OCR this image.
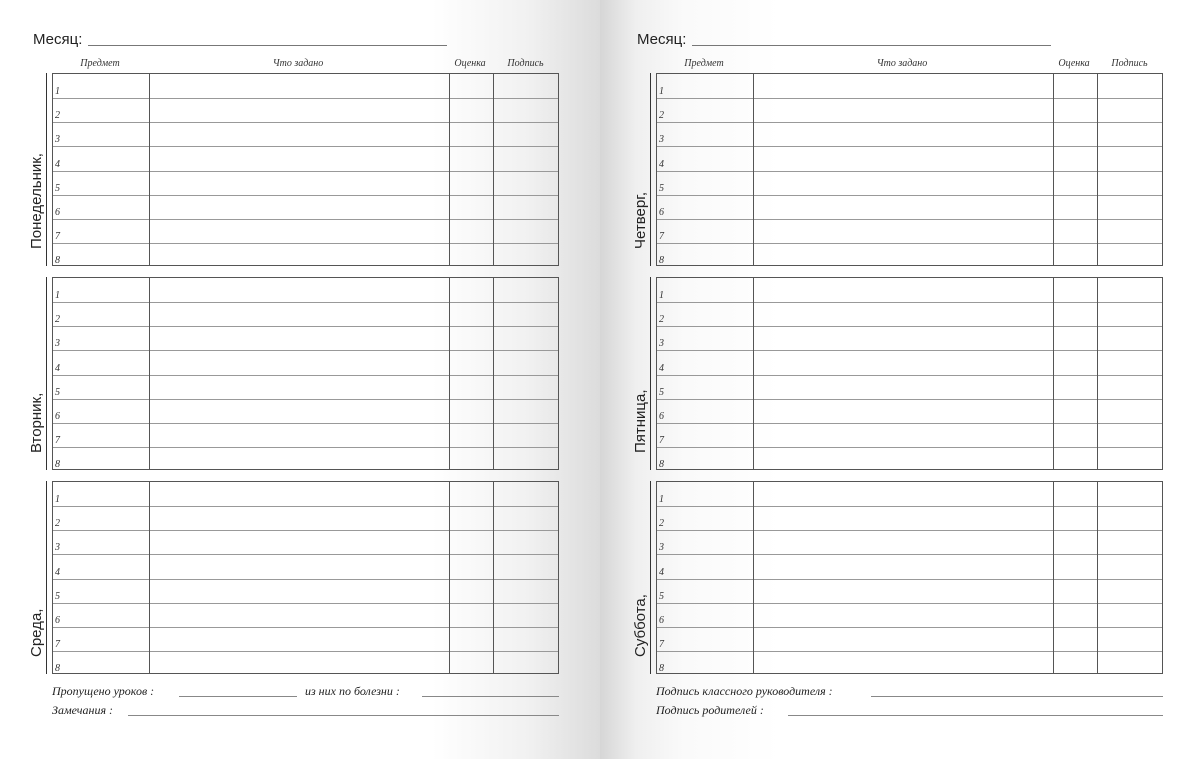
Месяц:
Предмет	Что задано	Оценка	Подпись
Понедельник,
1
2
3
4
5
6
7
8
Вторник,
1
2
3
4
5
6
7
8
Среда,
1
2
3
4
5
6
7
8
Пропущено уроков :	из них по болезни :
Замечания :
Месяц:
Предмет	Что задано	Оценка	Подпись
Четверг,
1
2
3
4
5
6
7
8
Пятница,
1
2
3
4
5
6
7
8
Суббота,
1
2
3
4
5
6
7
8
Подпись классного руководителя :
Подпись родителей :
